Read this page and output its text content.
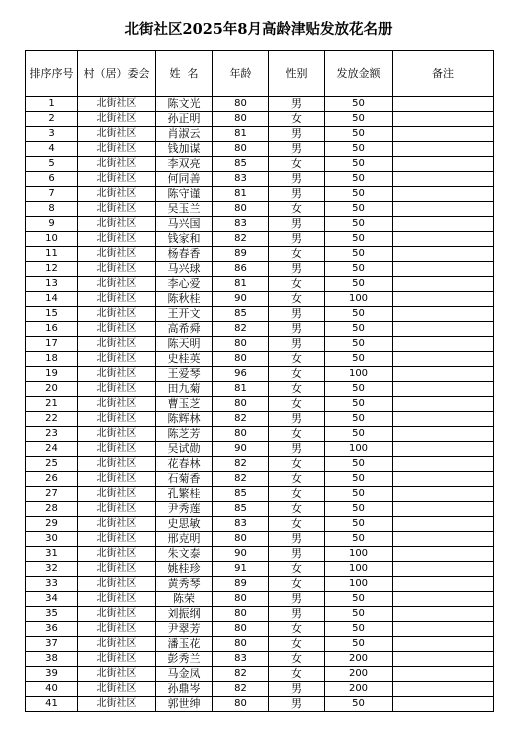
北街社区2025年8月高龄津贴发放花名册
排序序号	村（居）委会	姓  名	年龄	性别	发放金额	备注
1	北街社区	陈文光	80	男	50	
2	北街社区	孙正明	80	女	50	
3	北街社区	肖淑云	81	男	50	
4	北街社区	钱加谋	80	男	50	
5	北街社区	李双亮	85	女	50	
6	北街社区	何同善	83	男	50	
7	北街社区	陈守谨	81	男	50	
8	北街社区	吴玉兰	80	女	50	
9	北街社区	马兴国	83	男	50	
10	北街社区	钱家和	82	男	50	
11	北街社区	杨春香	89	女	50	
12	北街社区	马兴球	86	男	50	
13	北街社区	李心爱	81	女	50	
14	北街社区	陈秋桂	90	女	100	
15	北街社区	王开文	85	男	50	
16	北街社区	高希舜	82	男	50	
17	北街社区	陈天明	80	男	50	
18	北街社区	史桂英	80	女	50	
19	北街社区	王爱琴	96	女	100	
20	北街社区	田九菊	81	女	50	
21	北街社区	曹玉芝	80	女	50	
22	北街社区	陈辉林	82	男	50	
23	北街社区	陈芝芳	80	女	50	
24	北街社区	吴试勋	90	男	100	
25	北街社区	花春林	82	女	50	
26	北街社区	石菊香	82	女	50	
27	北街社区	孔繁桂	85	女	50	
28	北街社区	尹秀莲	85	女	50	
29	北街社区	史思敏	83	女	50	
30	北街社区	邢克明	80	男	50	
31	北街社区	朱文泰	90	男	100	
32	北街社区	姚桂珍	91	女	100	
33	北街社区	黄秀琴	89	女	100	
34	北街社区	陈荣	80	男	50	
35	北街社区	刘振纲	80	男	50	
36	北街社区	尹翠芳	80	女	50	
37	北街社区	潘玉花	80	女	50	
38	北街社区	彭秀兰	83	女	200	
39	北街社区	马金凤	82	女	200	
40	北街社区	孙鼎岑	82	男	200	
41	北街社区	郭世绅	80	男	50	
